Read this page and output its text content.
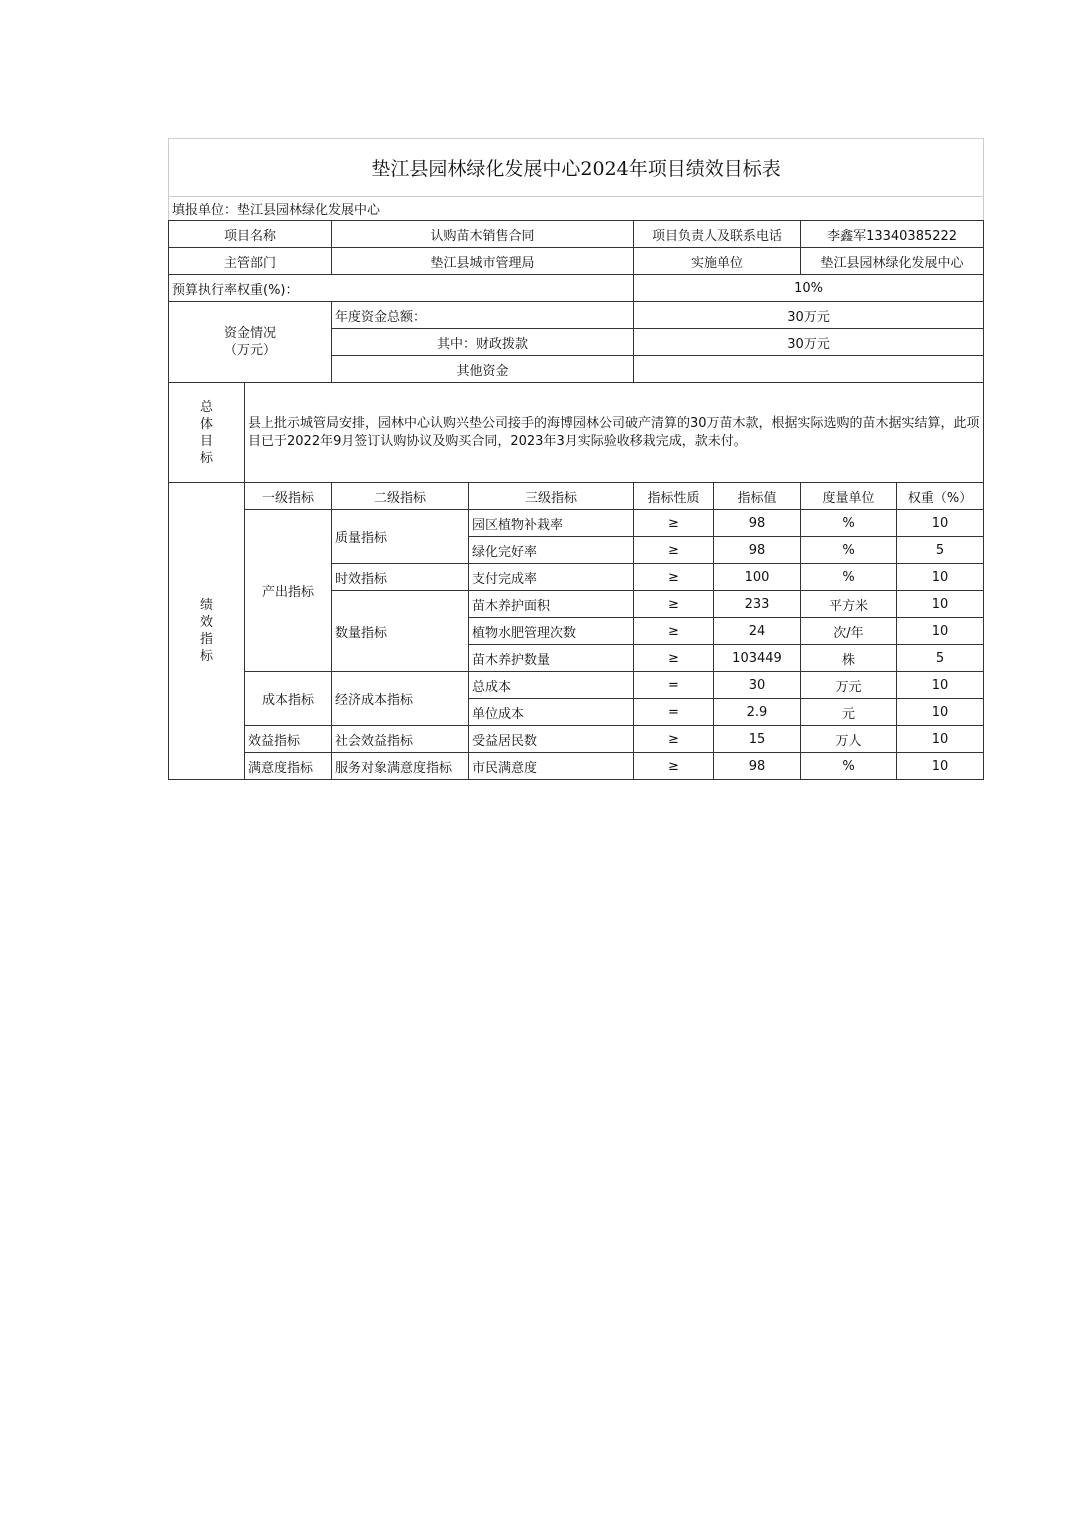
垫江县园林绿化发展中心2024年项目绩效目标表							
填报单位：垫江县园林绿化发展中心							
项目名称		认购苗木销售合同		项目负责人及联系电话		李鑫军13340385222	
主管部门		垫江县城市管理局		实施单位		垫江县园林绿化发展中心	
预算执行率权重(%)：				10%			
资金情况
（万元）		年度资金总额：		30万元			
		其中：财政拨款		30万元			
		其他资金					
总
体
目
标	县上批示城管局安排，园林中心认购兴垫公司接手的海博园林公司破产清算的30万苗木款，根据实际选购的苗木据实结算，此项目已于2022年9月签订认购协议及购买合同，2023年3月实际验收移栽完成，款未付。						
绩
效
指
标	一级指标	二级指标	三级指标	指标性质	指标值	度量单位	权重（%）
	产出指标	质量指标	园区植物补栽率	≥	98	%	10
			绿化完好率	≥	98	%	5
		时效指标	支付完成率	≥	100	%	10
		数量指标	苗木养护面积	≥	233	平方米	10
			植物水肥管理次数	≥	24	次/年	10
			苗木养护数量	≥	103449	株	5
	成本指标	经济成本指标	总成本	=	30	万元	10
			单位成本	=	2.9	元	10
	效益指标	社会效益指标	受益居民数	≥	15	万人	10
	满意度指标	服务对象满意度指标	市民满意度	≥	98	%	10
